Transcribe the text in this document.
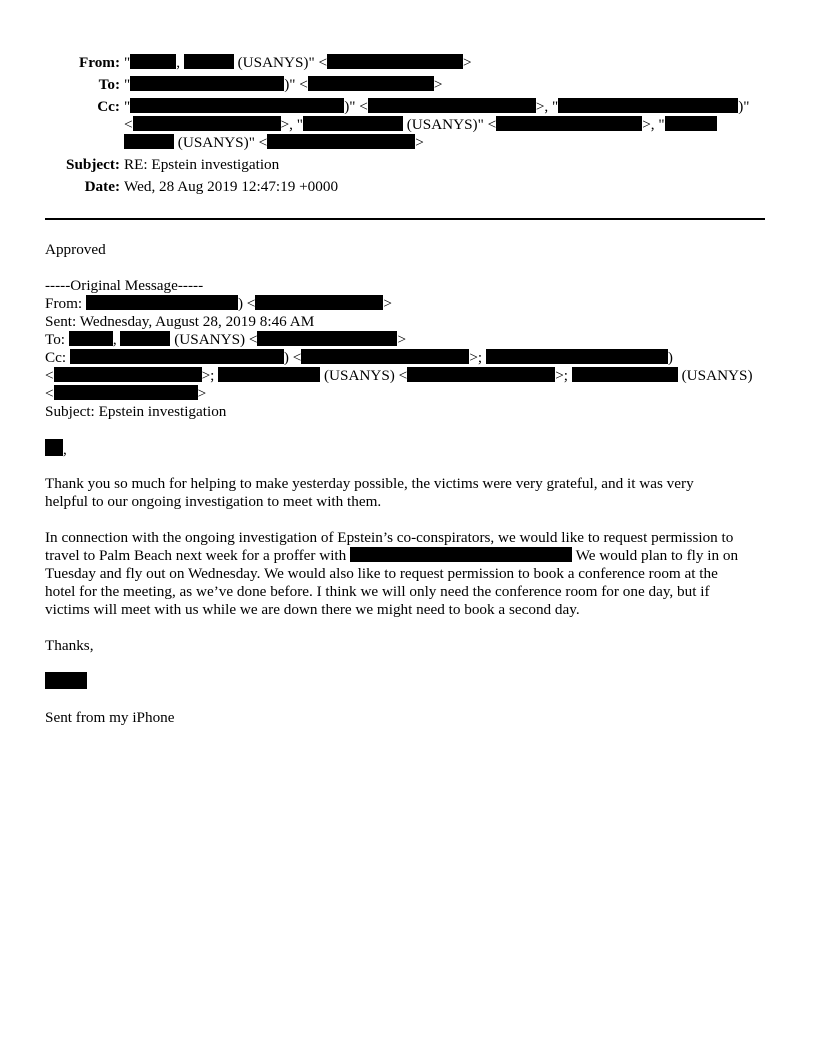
From: "	,	(USANYS)" <	>
To: "	)" <	>
Cc: "	)" <	>, "	)"
<	>, "	(USANYS)" <	>, "
(USANYS)" <	>
Subject: RE: Epstein investigation
Date: Wed, 28 Aug 2019 12:47:19 +0000
Approved
-----Original Message-----
From:	) <	>
Sent: Wednesday, August 28, 2019 8:46 AM
To:	,	(USANYS) <	>
Cc:	) <	>;	)
<	>;	(USANYS) <	>;	(USANYS)
<	>
Subject: Epstein investigation
,
Thank you so much for helping to make yesterday possible, the victims were very grateful, and it was very
helpful to our ongoing investigation to meet with them.
In connection with the ongoing investigation of Epstein’s co-conspirators, we would like to request permission to
travel to Palm Beach next week for a proffer with	We would plan to fly in on
Tuesday and fly out on Wednesday. We would also like to request permission to book a conference room at the
hotel for the meeting, as we’ve done before. I think we will only need the conference room for one day, but if
victims will meet with us while we are down there we might need to book a second day.
Thanks,
Sent from my iPhone
